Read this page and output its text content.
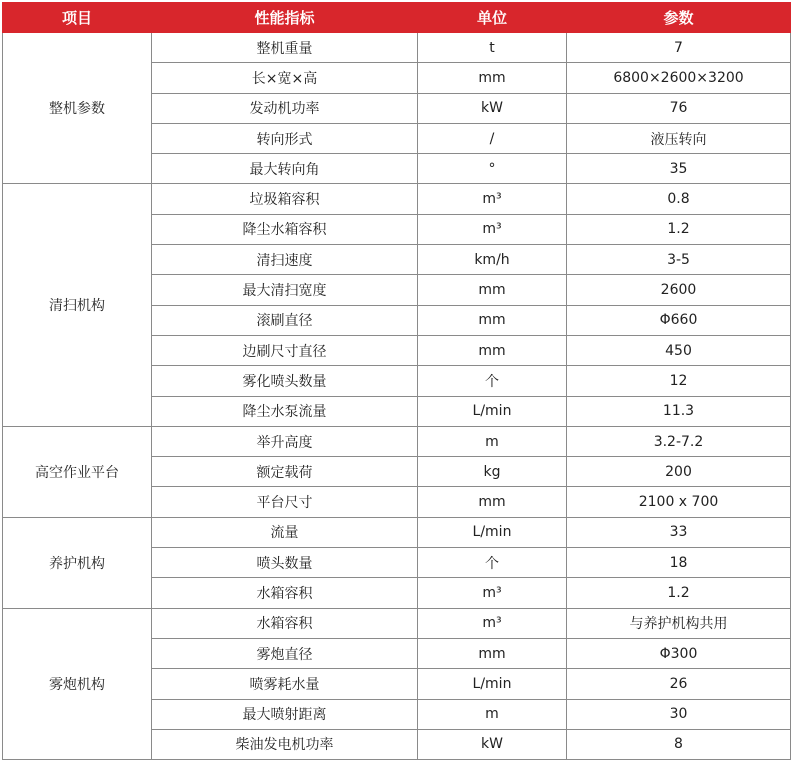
项目	性能指标	单位	参数
整机参数	整机重量	t	7
	长×宽×高	mm	6800×2600×3200
	发动机功率	kW	76
	转向形式	/	液压转向
	最大转向角	°	35
清扫机构	垃圾箱容积	m³	0.8
	降尘水箱容积	m³	1.2
	清扫速度	km/h	3-5
	最大清扫宽度	mm	2600
	滚刷直径	mm	Φ660
	边刷尺寸直径	mm	450
	雾化喷头数量	个	12
	降尘水泵流量	L/min	11.3
高空作业平台	举升高度	m	3.2-7.2
	额定载荷	kg	200
	平台尺寸	mm	2100 x 700
养护机构	流量	L/min	33
	喷头数量	个	18
	水箱容积	m³	1.2
雾炮机构	水箱容积	m³	与养护机构共用
	雾炮直径	mm	Φ300
	喷雾耗水量	L/min	26
	最大喷射距离	m	30
	柴油发电机功率	kW	8
